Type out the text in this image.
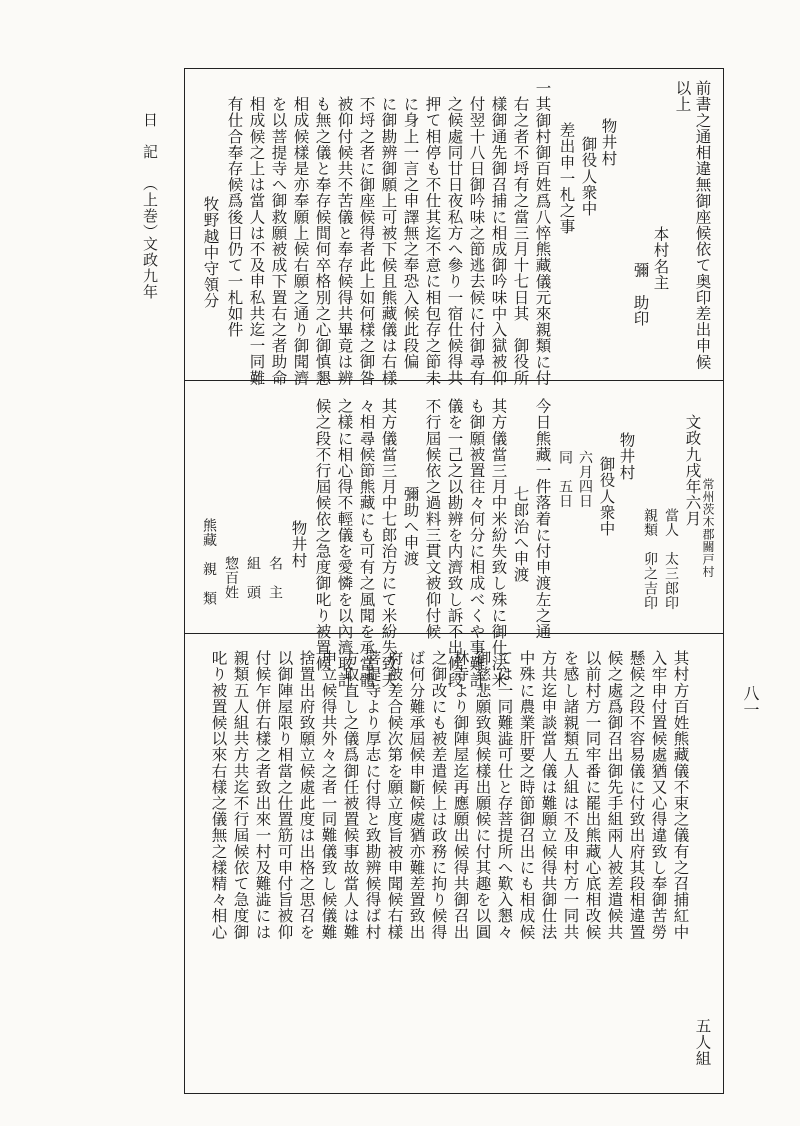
日　記
（上巻）
文政九年
八一
前書之通相違無御座候依て奥印差出申候
以上
本村名主
彌　助印
物井村
御役人衆中
差出申一札之事
一其御村御百姓爲八悴熊藏儀元來親類に付
右之者不埒有之當三月十七日其　御役所
樣御通先御召捕に相成御吟味中入獄被仰
付翌十八日御吟味之節逃去候に付御尋有
之候處同廿日夜私方へ參り一宿仕候得共
押て相停も不仕其迄不意に相包存之節未
に身上一言之申譯無之奉恐入候此段偏
に御勘辨御願上可被下候且熊藏儀は右樣
不埒之者に御座候得者此上如何樣之御咎
被仰付候共不苦儀と奉存候得共畢竟は辨
も無之儀と奉存候間何卒格別之心御慎懇
相成候樣是亦奉願上候右願之通り御聞濟
を以菩提寺へ御救願被成下置右之者助命
相成候之上は當人は不及申私共迄一同難
有仕合奉存候爲後日仍て一札如件
牧野越中守領分
常州茨木郡關戸村
文政九戌年六月
當人　太三郎印
親類　卯之吉印
物井村
御役人衆中
六月四日
同　五日
今日熊藏一件落着に付申渡左之通
七郎治へ申渡
其方儀當三月中米紛失致し殊に御仕法米
も御願被置往々何分に相成べくや事難計
儀を一己之以勘辨を内濟致し訴不出候段
不行屆候依之過料三貫文被仰付候
彌助へ申渡
其方儀當三月中七郎治方にて米紛失致夫
々相尋候節熊藏にも可有之風聞を承當體
之樣に相心得不輕儀を愛憐を以內濟取計
候之段不行屆候依之急度御叱り被置候
物井村
名　主
組　頭
惣百姓
熊藏　親　類
五人組
其村方百姓熊藏儀不束之儀有之召捕紅中
入牢申付置候處猶又心得違致し奉御苦勞
懸候之段不容易儀に付致出府其段相違置
候之處爲御召出御先手組兩人被差遣候共
以前村方一同牢番に罷出熊藏心底相改候
を感し諸親類五人組は不及申村方一同共
方共迄申談當人儀は難願立候得共御仕法
中殊に農業肝要之時節御召出にも相成候
ては一同難澁可仕と存菩提所へ歎入懇々
御慈悲願致與候樣出願候に付其趣を以圓
林寺より御陣屋迄再應願出候得共御召出
之御改にも被差遣候上は政務に拘り候得
ば何分難承屆候申斷候處猶亦難差置致出
府被差合候次第を願立度旨被申聞候右樣
菩提寺より厚志に付得と致勘辨候得ば村
方取直し之儀爲御任被置候事故當人は難
申立候得共外々之者一同難儀致し候儀難
捨置出府致願立候處此度は出格之思召を
以御陣屋限り相當之仕置筋可申付旨被仰
付候乍併右樣之者致出來一村及難澁には
親類五人組共方共迄不行屆候依て急度御
叱り被置候以來右樣之儀無之樣精々相心
